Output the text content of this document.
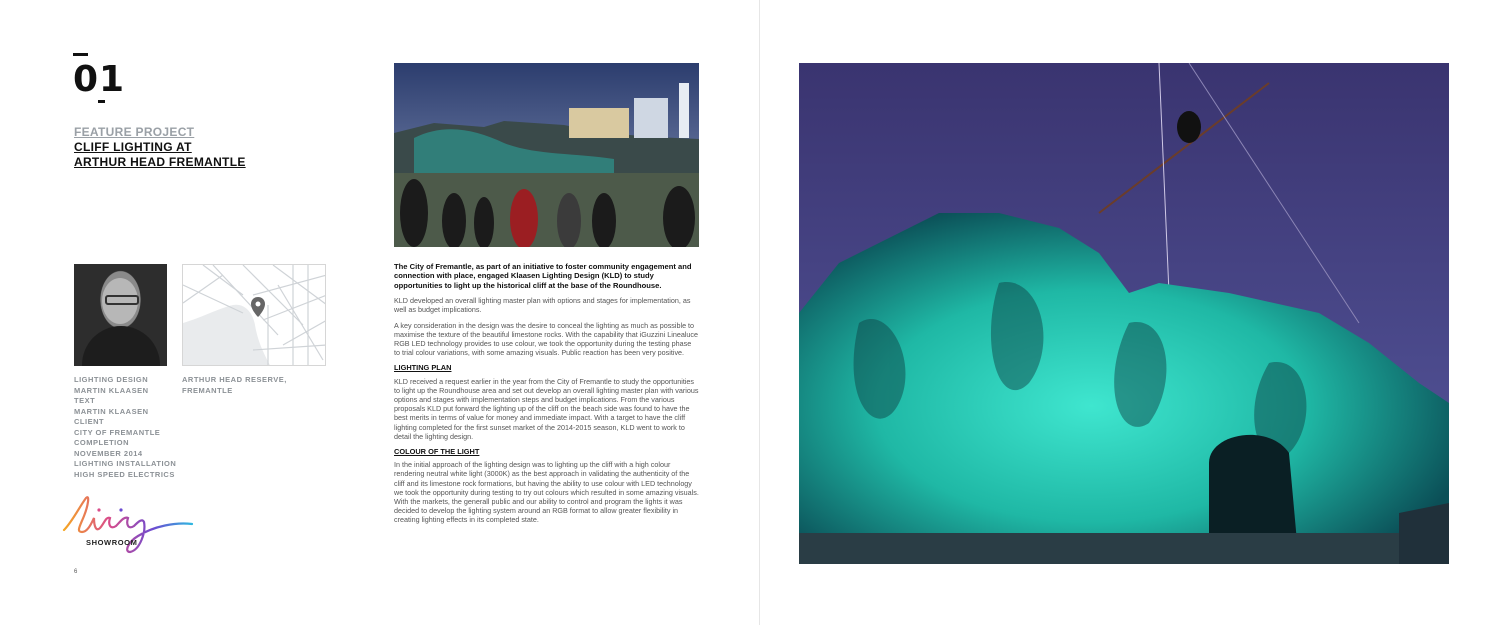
01
FEATURE PROJECT
CLIFF LIGHTING AT
ARTHUR HEAD FREMANTLE
LIGHTING DESIGN
MARTIN KLAASEN
TEXT
MARTIN KLAASEN
CLIENT
CITY OF FREMANTLE
COMPLETION
NOVEMBER 2014
LIGHTING INSTALLATION
HIGH SPEED ELECTRICS
ARTHUR HEAD RESERVE,
FREMANTLE
SHOWROOM
6

The City of Fremantle, as part of an initiative to foster community engagement and connection with place, engaged Klaasen Lighting Design (KLD) to study opportunities to light up the historical cliff at the base of the Roundhouse.

KLD developed an overall lighting master plan with options and stages for implementation, as well as budget implications.

A key consideration in the design was the desire to conceal the lighting as much as possible to maximise the texture of the beautiful limestone rocks. With the capability that iGuzzini Linealuce RGB LED technology provides to use colour, we took the opportunity during the testing phase to trial colour variations, with some amazing visuals. Public reaction has been very positive.

LIGHTING PLAN

KLD received a request earlier in the year from the City of Fremantle to study the opportunities to light up the Roundhouse area and set out develop an overall lighting master plan with various options and stages with implementation steps and budget implications. From the various proposals KLD put forward the lighting up of the cliff on the beach side was found to have the best merits in terms of value for money and immediate impact. With a target to have the cliff lighting completed for the first sunset market of the 2014-2015 season, KLD went to work to detail the lighting design.

COLOUR OF THE LIGHT

In the initial approach of the lighting design was to lighting up the cliff with a high colour rendering neutral white light (3000K) as the best approach in validating the authenticity of the cliff and its limestone rock formations, but having the ability to use colour with LED technology we took the opportunity during testing to try out colours which resulted in some amazing visuals. With the markets, the generall public and our ability to control and program the lights it was decided to develop the lighting system around an RGB format to allow greater flexibility in creating lighting effects in its completed state.
